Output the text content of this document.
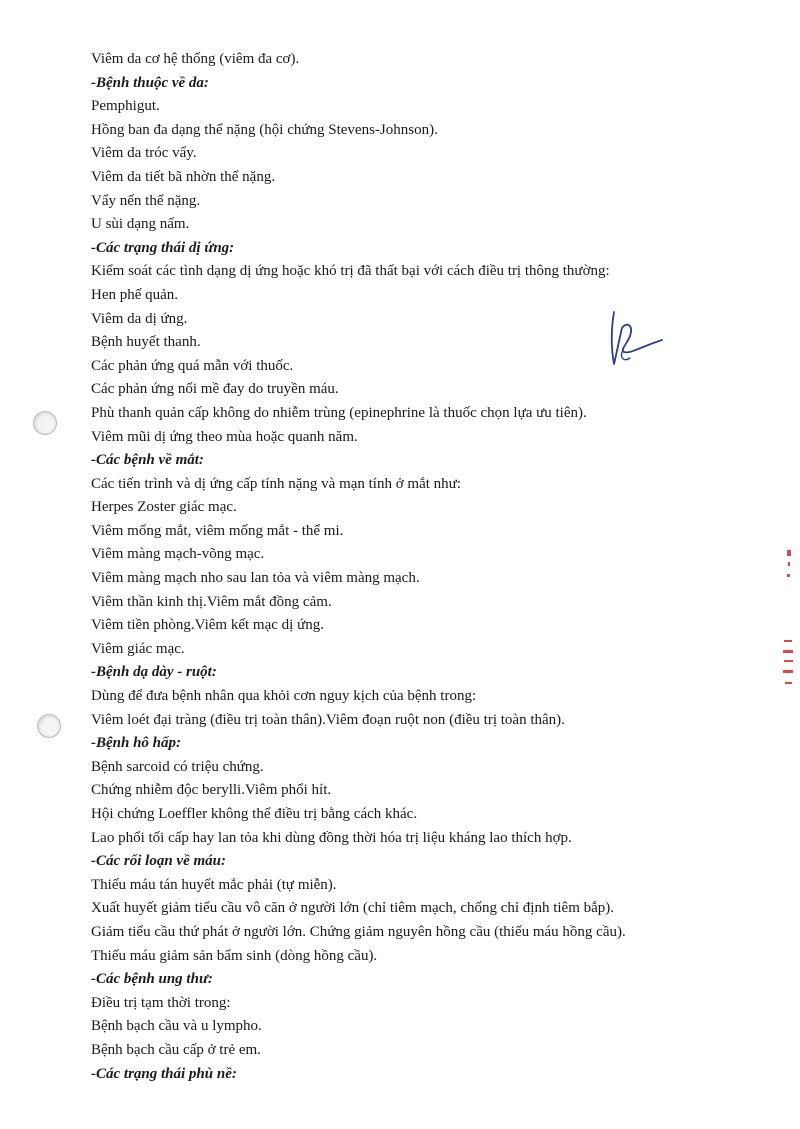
Viêm da cơ hệ thống (viêm đa cơ).
-Bệnh thuộc về da:
Pemphigut.
Hồng ban đa dạng thể nặng (hội chứng Stevens-Johnson).
Viêm da tróc vẩy.
Viêm da tiết bã nhờn thể nặng.
Vẩy nến thể nặng.
U sùi dạng nấm.
-Các trạng thái dị ứng:
Kiểm soát các tình dạng dị ứng hoặc khó trị đã thất bại với cách điều trị thông thường:
Hen phế quản.
Viêm da dị ứng.
Bệnh huyết thanh.
Các phản ứng quá mẫn với thuốc.
Các phản ứng nổi mề đay do truyền máu.
Phù thanh quản cấp không do nhiễm trùng (epinephrine là thuốc chọn lựa ưu tiên).
Viêm mũi dị ứng theo mùa hoặc quanh năm.
-Các bệnh về mắt:
Các tiến trình và dị ứng cấp tính nặng và mạn tính ở mắt như:
Herpes Zoster giác mạc.
Viêm mống mắt, viêm mống mắt - thể mi.
Viêm màng mạch-võng mạc.
Viêm màng mạch nho sau lan tỏa và viêm màng mạch.
Viêm thần kinh thị.Viêm mắt đồng cảm.
Viêm tiền phòng.Viêm kết mạc dị ứng.
Viêm giác mạc.
-Bệnh dạ dày - ruột:
Dùng để đưa bệnh nhân qua khỏi cơn nguy kịch của bệnh trong:
Viêm loét đại tràng (điều trị toàn thân).Viêm đoạn ruột non (điều trị toàn thân).
-Bệnh hô hấp:
Bệnh sarcoid có triệu chứng.
Chứng nhiễm độc berylli.Viêm phổi hít.
Hội chứng Loeffler không thể điều trị bằng cách khác.
Lao phổi tối cấp hay lan tỏa khi dùng đồng thời hóa trị liệu kháng lao thích hợp.
-Các rối loạn về máu:
Thiếu máu tán huyết mắc phải (tự miễn).
Xuất huyết giảm tiểu cầu vô căn ở người lớn (chỉ tiêm mạch, chống chỉ định tiêm bắp).
Giảm tiểu cầu thứ phát ở người lớn. Chứng giảm nguyên hồng cầu (thiếu máu hồng cầu).
Thiếu máu giảm sản bẩm sinh (dòng hồng cầu).
-Các bệnh ung thư:
Điều trị tạm thời trong:
Bệnh bạch cầu và u lympho.
Bệnh bạch cầu cấp ở trẻ em.
-Các trạng thái phù nề:
